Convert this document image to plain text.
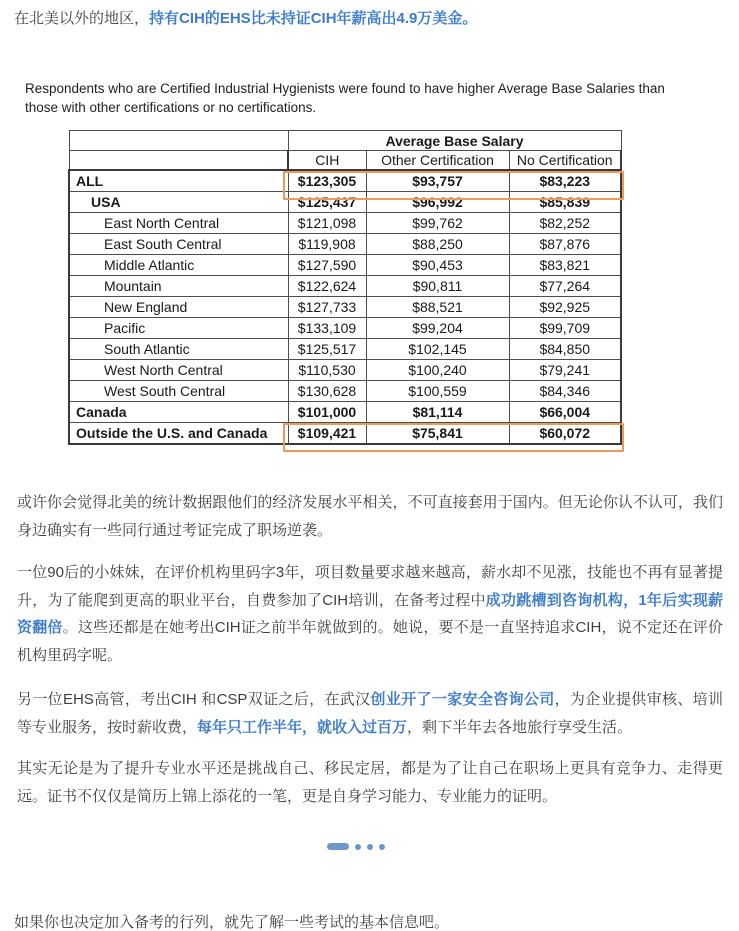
在北美以外的地区，持有CIH的EHS比未持证CIH年薪高出4.9万美金。
Respondents who are Certified Industrial Hygienists were found to have higher Average Base Salaries than those with other certifications or no certifications.
	Average Base Salary		
	CIH	Other Certification	No Certification
ALL	$123,305	$93,757	$83,223
USA	$125,437	$96,992	$85,839
East North Central	$121,098	$99,762	$82,252
East South Central	$119,908	$88,250	$87,876
Middle Atlantic	$127,590	$90,453	$83,821
Mountain	$122,624	$90,811	$77,264
New England	$127,733	$88,521	$92,925
Pacific	$133,109	$99,204	$99,709
South Atlantic	$125,517	$102,145	$84,850
West North Central	$110,530	$100,240	$79,241
West South Central	$130,628	$100,559	$84,346
Canada	$101,000	$81,114	$66,004
Outside the U.S. and Canada	$109,421	$75,841	$60,072
或许你会觉得北美的统计数据跟他们的经济发展水平相关，不可直接套用于国内。但无论你认不认可，我们身边确实有一些同行通过考证完成了职场逆袭。
一位90后的小妹妹，在评价机构里码字3年，项目数量要求越来越高，薪水却不见涨，技能也不再有显著提升，为了能爬到更高的职业平台，自费参加了CIH培训，在备考过程中成功跳槽到咨询机构，1年后实现薪资翻倍。这些还都是在她考出CIH证之前半年就做到的。她说，要不是一直坚持追求CIH，说不定还在评价机构里码字呢。
另一位EHS高管，考出CIH 和CSP双证之后，在武汉创业开了一家安全咨询公司，为企业提供审核、培训等专业服务，按时薪收费，每年只工作半年，就收入过百万，剩下半年去各地旅行享受生活。
其实无论是为了提升专业水平还是挑战自己、移民定居，都是为了让自己在职场上更具有竞争力、走得更远。证书不仅仅是简历上锦上添花的一笔，更是自身学习能力、专业能力的证明。
如果你也决定加入备考的行列，就先了解一些考试的基本信息吧。
